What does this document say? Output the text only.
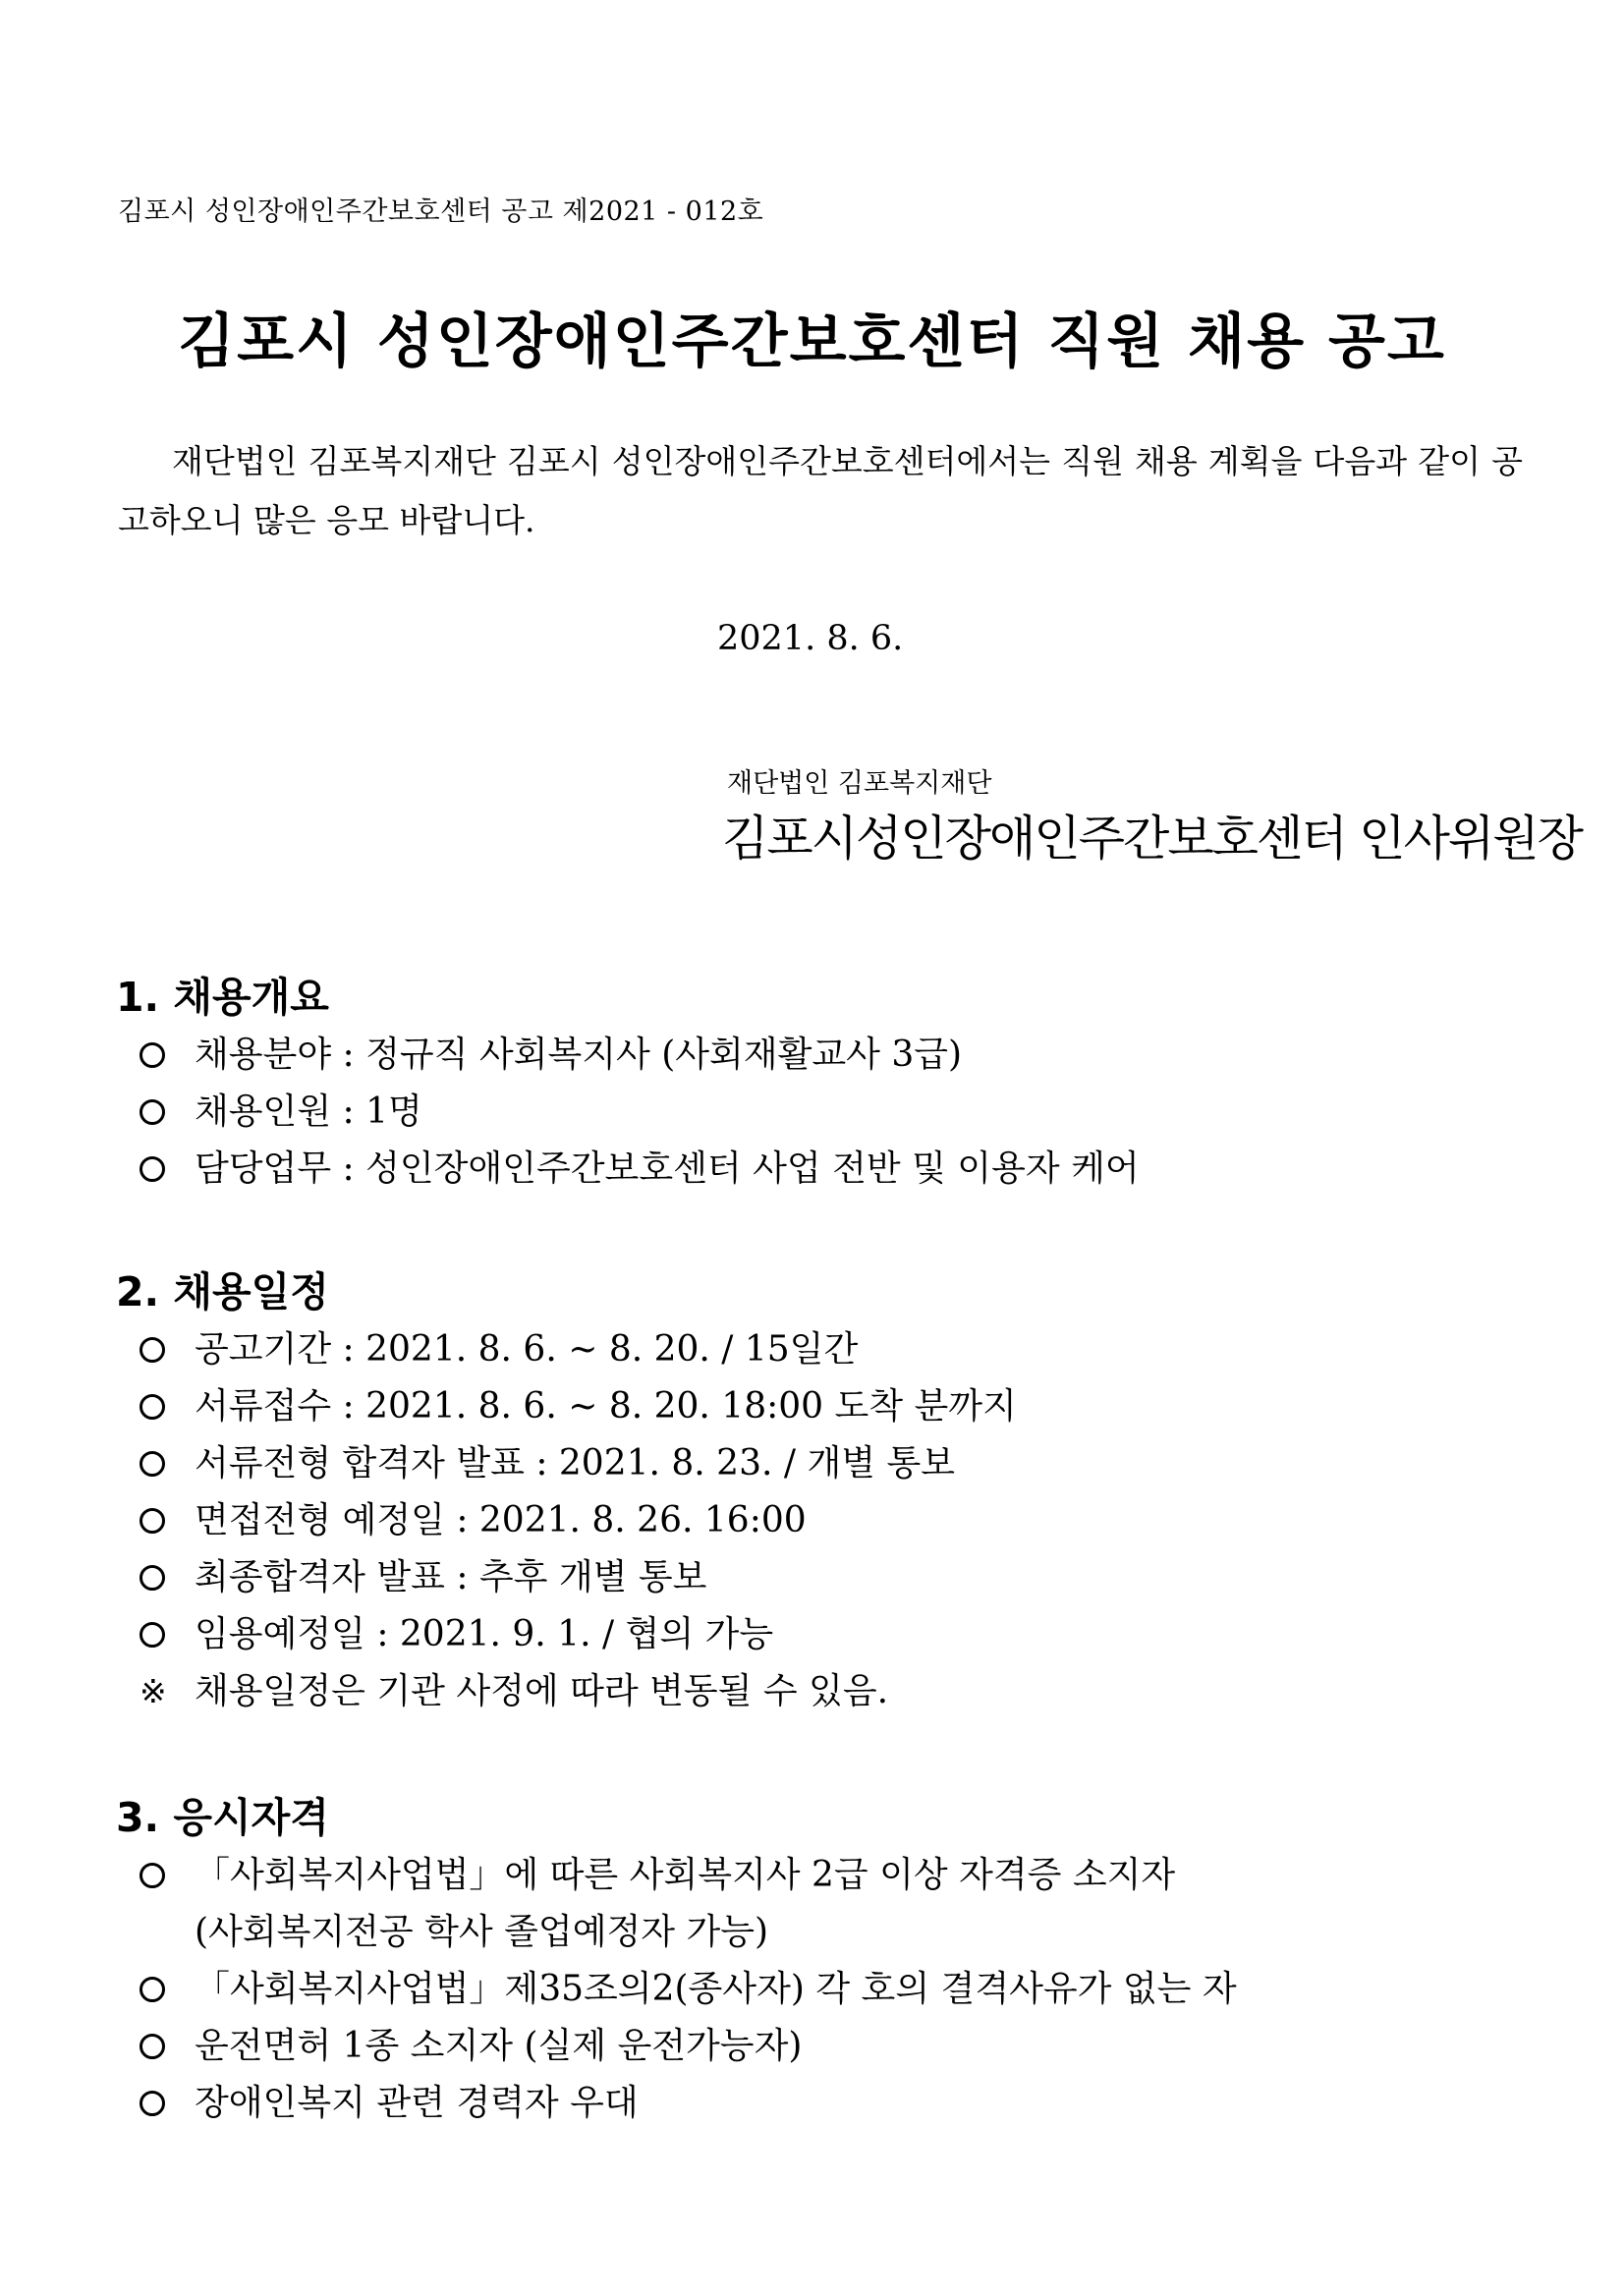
김포시 성인장애인주간보호센터 공고 제2021 - 012호
김포시 성인장애인주간보호센터 직원 채용 공고
재단법인 김포복지재단 김포시 성인장애인주간보호센터에서는 직원 채용 계획을 다음과 같이 공고하오니 많은 응모 바랍니다.
2021. 8. 6.
재단법인 김포복지재단
김포시성인장애인주간보호센터 인사위원장
1. 채용개요
채용분야 : 정규직 사회복지사 (사회재활교사 3급)
채용인원 : 1명
담당업무 : 성인장애인주간보호센터 사업 전반 및 이용자 케어
2. 채용일정
공고기간 : 2021. 8. 6. ~ 8. 20. / 15일간
서류접수 : 2021. 8. 6. ~ 8. 20. 18:00 도착 분까지
서류전형 합격자 발표 : 2021. 8. 23. / 개별 통보
면접전형 예정일 : 2021. 8. 26. 16:00
최종합격자 발표 : 추후 개별 통보
임용예정일 : 2021. 9. 1. / 협의 가능
※ 채용일정은 기관 사정에 따라 변동될 수 있음.
3. 응시자격
「사회복지사업법」에 따른 사회복지사 2급 이상 자격증 소지자
(사회복지전공 학사 졸업예정자 가능)
「사회복지사업법」제35조의2(종사자) 각 호의 결격사유가 없는 자
운전면허 1종 소지자 (실제 운전가능자)
장애인복지 관련 경력자 우대
